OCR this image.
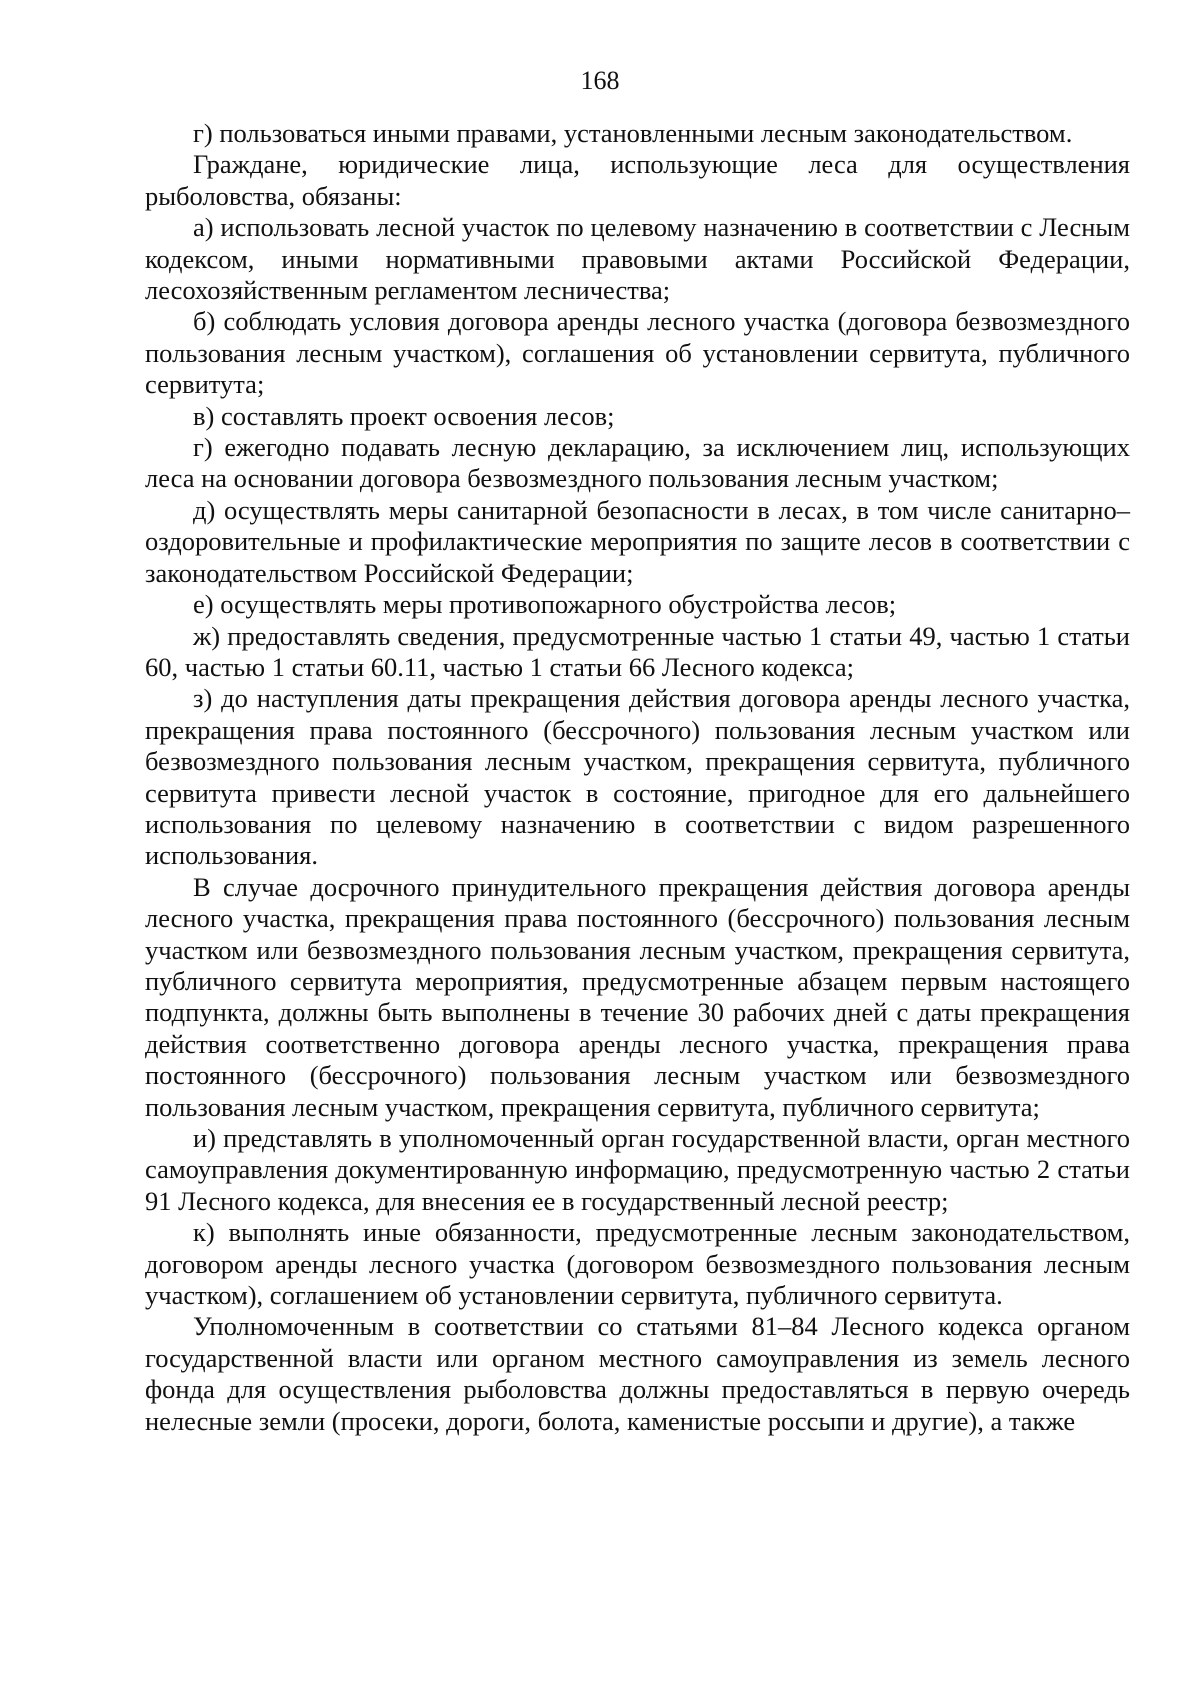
168

г) пользоваться иными правами, установленными лесным законодательством.

Граждане, юридические лица, использующие леса для осуществления рыболовства, обязаны:

а) использовать лесной участок по целевому назначению в соответствии с Лесным кодексом, иными нормативными правовыми актами Российской Федерации, лесохозяйственным регламентом лесничества;

б) соблюдать условия договора аренды лесного участка (договора безвозмездного пользования лесным участком), соглашения об установлении сервитута, публичного сервитута;

в) составлять проект освоения лесов;

г) ежегодно подавать лесную декларацию, за исключением лиц, использующих леса на основании договора безвозмездного пользования лесным участком;

д) осуществлять меры санитарной безопасности в лесах, в том числе санитарно–оздоровительные и профилактические мероприятия по защите лесов в соответствии с законодательством Российской Федерации;

е) осуществлять меры противопожарного обустройства лесов;

ж) предоставлять сведения, предусмотренные частью 1 статьи 49, частью 1 статьи 60, частью 1 статьи 60.11, частью 1 статьи 66 Лесного кодекса;

з) до наступления даты прекращения действия договора аренды лесного участка, прекращения права постоянного (бессрочного) пользования лесным участком или безвозмездного пользования лесным участком, прекращения сервитута, публичного сервитута привести лесной участок в состояние, пригодное для его дальнейшего использования по целевому назначению в соответствии с видом разрешенного использования.

В случае досрочного принудительного прекращения действия договора аренды лесного участка, прекращения права постоянного (бессрочного) пользования лесным участком или безвозмездного пользования лесным участком, прекращения сервитута, публичного сервитута мероприятия, предусмотренные абзацем первым настоящего подпункта, должны быть выполнены в течение 30 рабочих дней с даты прекращения действия соответственно договора аренды лесного участка, прекращения права постоянного (бессрочного) пользования лесным участком или безвозмездного пользования лесным участком, прекращения сервитута, публичного сервитута;

и) представлять в уполномоченный орган государственной власти, орган местного самоуправления документированную информацию, предусмотренную частью 2 статьи 91 Лесного кодекса, для внесения ее в государственный лесной реестр;

к) выполнять иные обязанности, предусмотренные лесным законодательством, договором аренды лесного участка (договором безвозмездного пользования лесным участком), соглашением об установлении сервитута, публичного сервитута.

Уполномоченным в соответствии со статьями 81–84 Лесного кодекса органом государственной власти или органом местного самоуправления из земель лесного фонда для осуществления рыболовства должны предоставляться в первую очередь нелесные земли (просеки, дороги, болота, каменистые россыпи и другие), а также
